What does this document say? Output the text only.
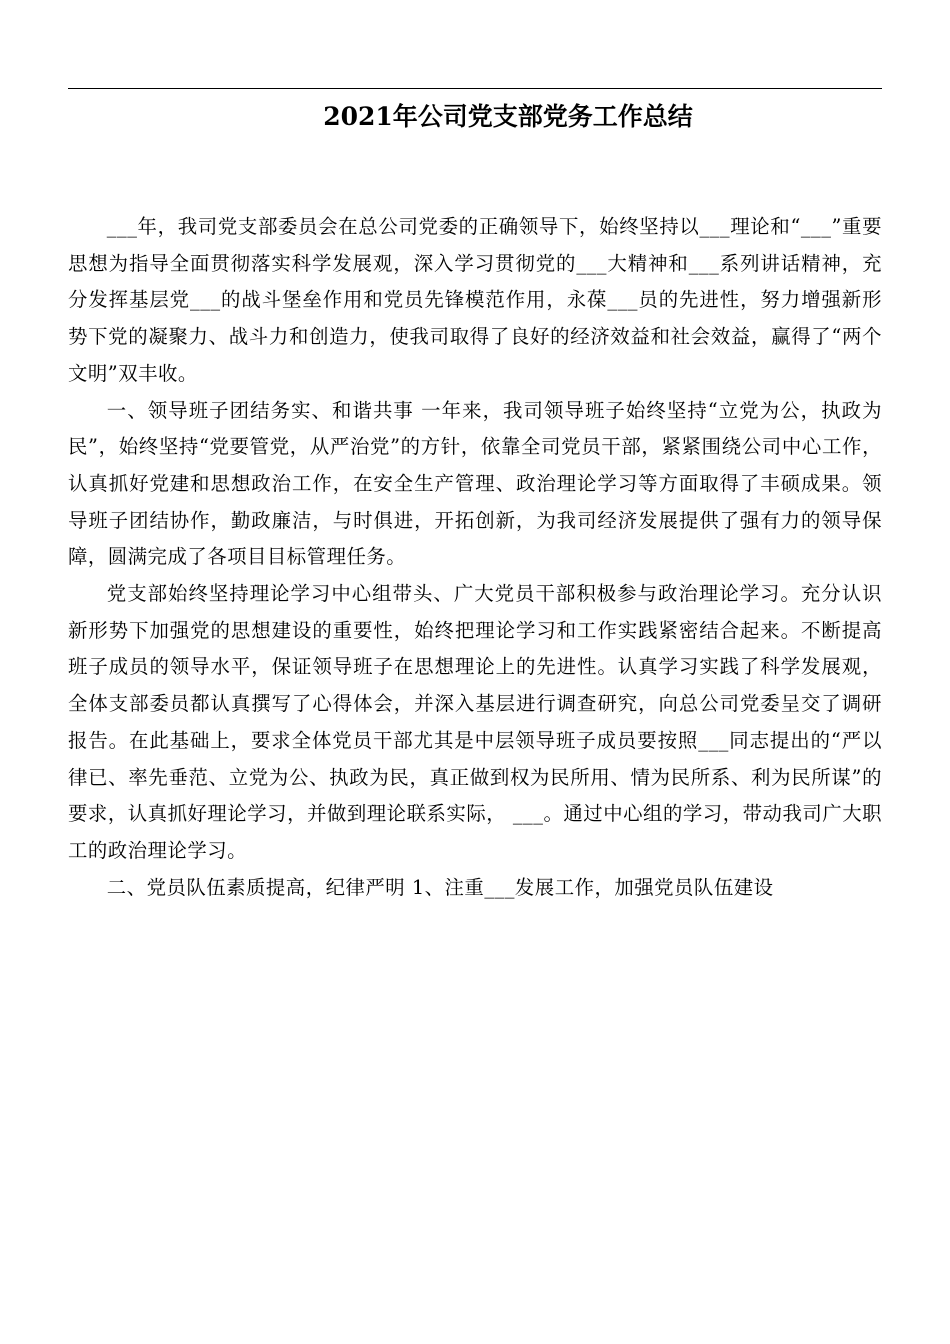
2021年公司党支部党务工作总结

___年，我司党支部委员会在总公司党委的正确领导下，始终坚持以___理论和“___”重要思想为指导全面贯彻落实科学发展观，深入学习贯彻党的___大精神和___系列讲话精神，充分发挥基层党___的战斗堡垒作用和党员先锋模范作用，永葆___员的先进性，努力增强新形势下党的凝聚力、战斗力和创造力，使我司取得了良好的经济效益和社会效益，赢得了“两个文明”双丰收。

一、领导班子团结务实、和谐共事 一年来，我司领导班子始终坚持“立党为公，执政为民”，始终坚持“党要管党，从严治党”的方针，依靠全司党员干部，紧紧围绕公司中心工作，认真抓好党建和思想政治工作，在安全生产管理、政治理论学习等方面取得了丰硕成果。领导班子团结协作，勤政廉洁，与时俱进，开拓创新，为我司经济发展提供了强有力的领导保障，圆满完成了各项目目标管理任务。

党支部始终坚持理论学习中心组带头、广大党员干部积极参与政治理论学习。充分认识新形势下加强党的思想建设的重要性，始终把理论学习和工作实践紧密结合起来。不断提高班子成员的领导水平，保证领导班子在思想理论上的先进性。认真学习实践了科学发展观，全体支部委员都认真撰写了心得体会，并深入基层进行调查研究，向总公司党委呈交了调研报告。在此基础上，要求全体党员干部尤其是中层领导班子成员要按照___同志提出的“严以律已、率先垂范、立党为公、执政为民，真正做到权为民所用、情为民所系、利为民所谋”的要求，认真抓好理论学习，并做到理论联系实际， ___。通过中心组的学习，带动我司广大职工的政治理论学习。

二、党员队伍素质提高，纪律严明 1、注重___发展工作，加强党员队伍建设
